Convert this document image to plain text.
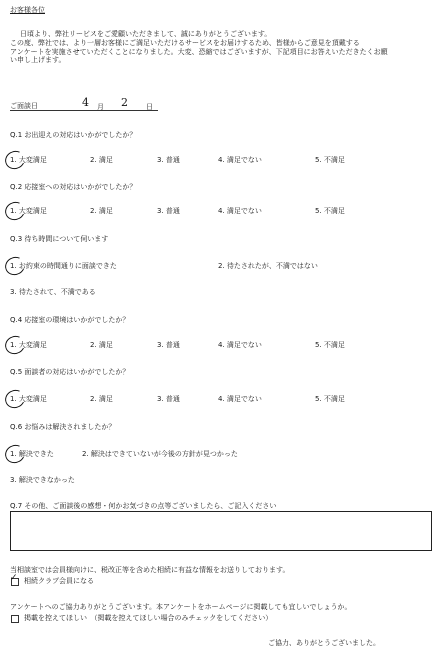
お客様各位
日頃より、弊社リービスをご愛顧いただきまして、誠にありがとうございます。
この度、弊社では、より一層お客様にご満足いただけるサービスをお届けするため、皆様からご意見を頂戴する
アンケートを実施させていただくことになりました。大変、恐縮ではございますが、下記項目にお答えいただきたくお願
い申し上げます。
ご面談日	4 月 2	日
Q.1 お出迎えの対応はいかがでしたか？
1. 大変満足	2. 満足	3. 普通	4. 満足でない	5. 不満足
Q.2 応接室への対応はいかがでしたか？
1. 大変満足	2. 満足	3. 普通	4. 満足でない	5. 不満足
Q.3 待ち時間について伺います
1. お約束の時間通りに面談できた	2. 待たされたが、不満ではない
3. 待たされて、不満である
Q.4 応接室の環境はいかがでしたか？
1. 大変満足	2. 満足	3. 普通	4. 満足でない	5. 不満足
Q.5 面談者の対応はいかがでしたか？
1. 大変満足	2. 満足	3. 普通	4. 満足でない	5. 不満足
Q.6 お悩みは解決されましたか？
1. 解決できた	2. 解決はできていないが今後の方針が見つかった
3. 解決できなかった
Q.7 その他、ご面談後の感想・何かお気づきの点等ございましたら、ご記入ください
当相談室では会員様向けに、税改正等を含めた相続に有益な情報をお送りしております。
✓ 相続クラブ会員になる
アンケートへのご協力ありがとうございます。本アンケートをホームページに掲載しても宜しいでしょうか。
掲載を控えてほしい　（掲載を控えてほしい場合のみチェックをしてください）
ご協力、ありがとうございました。
